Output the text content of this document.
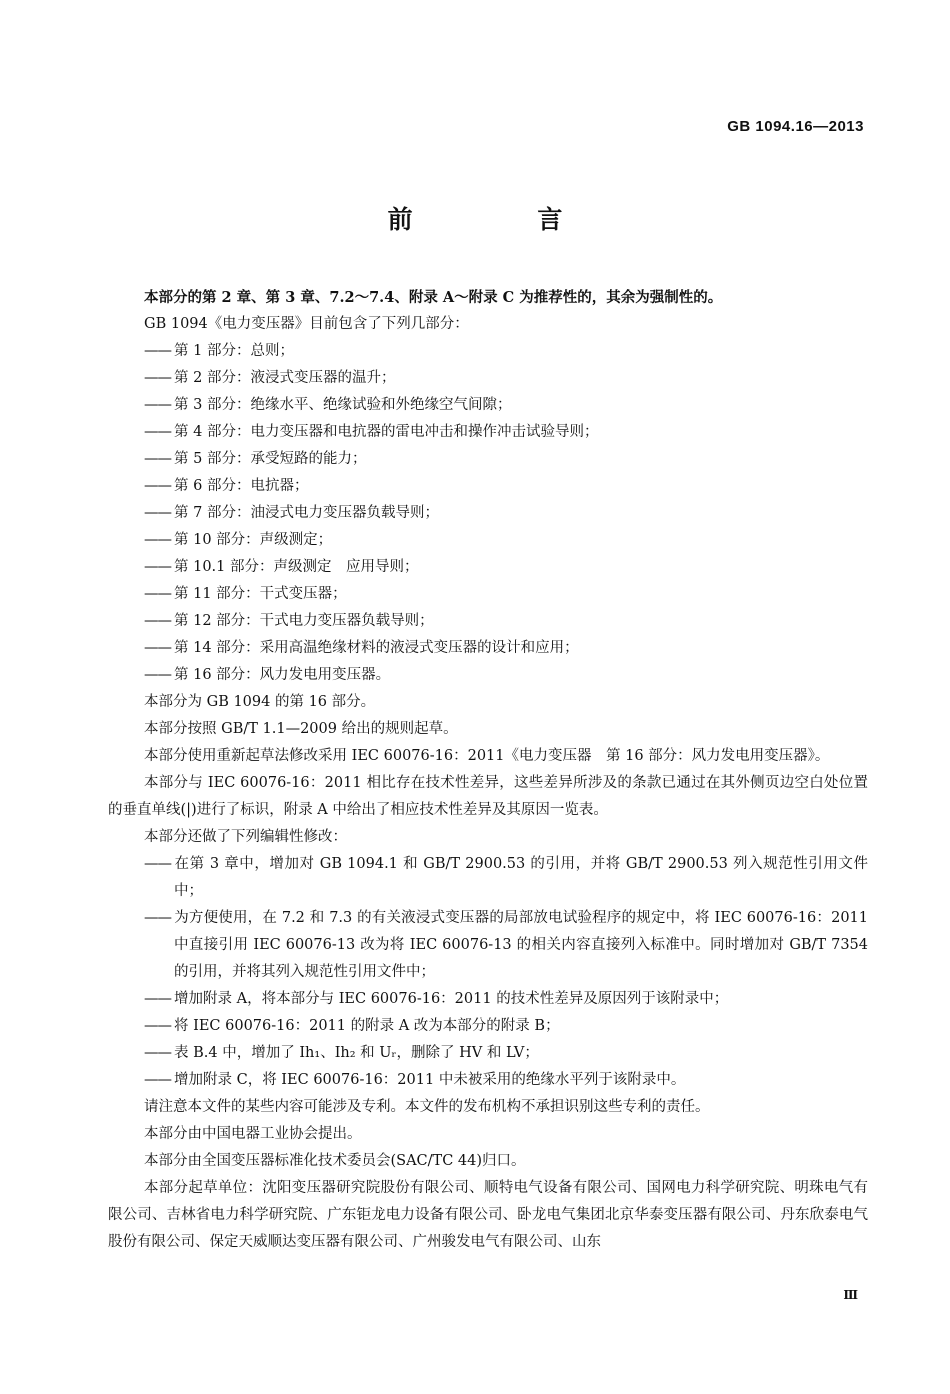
GB 1094.16—2013
前 言

本部分的第 2 章、第 3 章、7.2～7.4、附录 A～附录 C 为推荐性的，其余为强制性的。

GB 1094《电力变压器》目前包含了下列几部分：

—— 第 1 部分：总则；

—— 第 2 部分：液浸式变压器的温升；

—— 第 3 部分：绝缘水平、绝缘试验和外绝缘空气间隙；

—— 第 4 部分：电力变压器和电抗器的雷电冲击和操作冲击试验导则；

—— 第 5 部分：承受短路的能力；

—— 第 6 部分：电抗器；

—— 第 7 部分：油浸式电力变压器负载导则；

—— 第 10 部分：声级测定；

—— 第 10.1 部分：声级测定　应用导则；

—— 第 11 部分：干式变压器；

—— 第 12 部分：干式电力变压器负载导则；

—— 第 14 部分：采用高温绝缘材料的液浸式变压器的设计和应用；

—— 第 16 部分：风力发电用变压器。

本部分为 GB 1094 的第 16 部分。

本部分按照 GB/T 1.1—2009 给出的规则起草。

本部分使用重新起草法修改采用 IEC 60076-16：2011《电力变压器　第 16 部分：风力发电用变压器》。

本部分与 IEC 60076-16：2011 相比存在技术性差异，这些差异所涉及的条款已通过在其外侧页边空白处位置的垂直单线(|)进行了标识，附录 A 中给出了相应技术性差异及其原因一览表。

本部分还做了下列编辑性修改：

—— 在第 3 章中，增加对 GB 1094.1 和 GB/T 2900.53 的引用，并将 GB/T 2900.53 列入规范性引用文件中；

—— 为方便使用，在 7.2 和 7.3 的有关液浸式变压器的局部放电试验程序的规定中，将 IEC 60076-16：2011 中直接引用 IEC 60076-13 改为将 IEC 60076-13 的相关内容直接列入标准中。同时增加对 GB/T 7354 的引用，并将其列入规范性引用文件中；

—— 增加附录 A，将本部分与 IEC 60076-16：2011 的技术性差异及原因列于该附录中；

—— 将 IEC 60076-16：2011 的附录 A 改为本部分的附录 B；

—— 表 B.4 中，增加了 Ih₁、Ih₂ 和 Uᵣ，删除了 HV 和 LV；

—— 增加附录 C，将 IEC 60076-16：2011 中未被采用的绝缘水平列于该附录中。

请注意本文件的某些内容可能涉及专利。本文件的发布机构不承担识别这些专利的责任。

本部分由中国电器工业协会提出。

本部分由全国变压器标准化技术委员会(SAC/TC 44)归口。

本部分起草单位：沈阳变压器研究院股份有限公司、顺特电气设备有限公司、国网电力科学研究院、明珠电气有限公司、吉林省电力科学研究院、广东钜龙电力设备有限公司、卧龙电气集团北京华泰变压器有限公司、丹东欣泰电气股份有限公司、保定天威顺达变压器有限公司、广州骏发电气有限公司、山东

Ⅲ
